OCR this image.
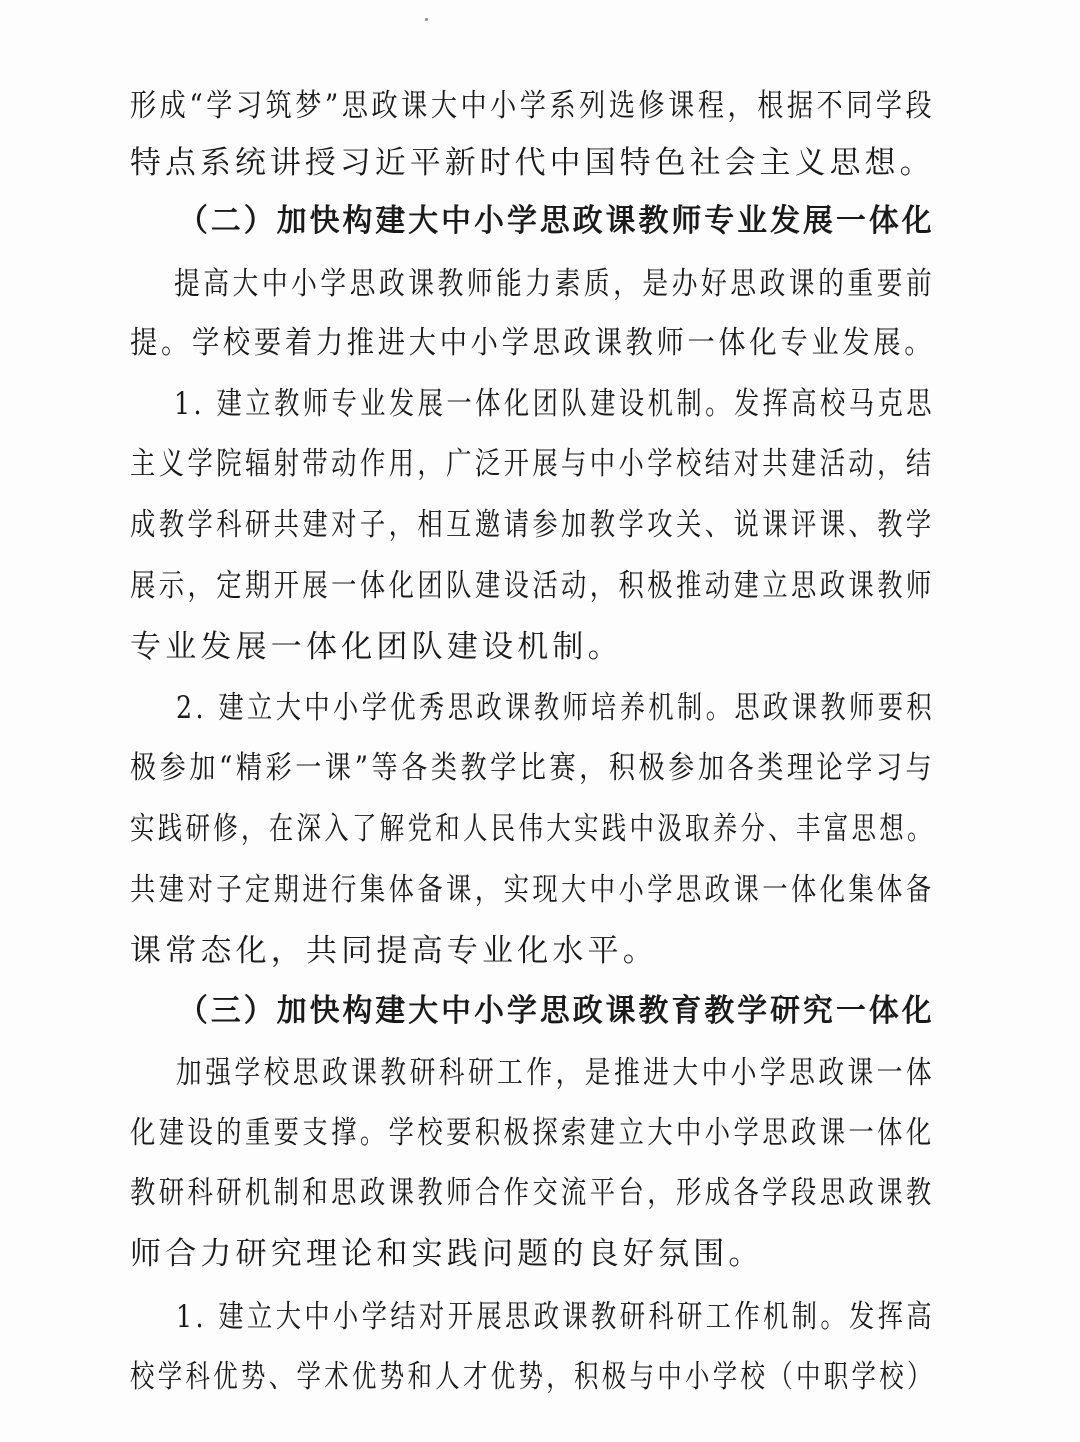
形成“学习筑梦”思政课大中小学系列选修课程，根据不同学段
特点系统讲授习近平新时代中国特色社会主义思想。
（二）加快构建大中小学思政课教师专业发展一体化
提高大中小学思政课教师能力素质，是办好思政课的重要前
提。学校要着力推进大中小学思政课教师一体化专业发展。
1. 建立教师专业发展一体化团队建设机制。发挥高校马克思
主义学院辐射带动作用，广泛开展与中小学校结对共建活动，结
成教学科研共建对子，相互邀请参加教学攻关、说课评课、教学
展示，定期开展一体化团队建设活动，积极推动建立思政课教师
专业发展一体化团队建设机制。
2. 建立大中小学优秀思政课教师培养机制。思政课教师要积
极参加“精彩一课”等各类教学比赛，积极参加各类理论学习与
实践研修，在深入了解党和人民伟大实践中汲取养分、丰富思想。
共建对子定期进行集体备课，实现大中小学思政课一体化集体备
课常态化，共同提高专业化水平。
（三）加快构建大中小学思政课教育教学研究一体化
加强学校思政课教研科研工作，是推进大中小学思政课一体
化建设的重要支撑。学校要积极探索建立大中小学思政课一体化
教研科研机制和思政课教师合作交流平台，形成各学段思政课教
师合力研究理论和实践问题的良好氛围。
1. 建立大中小学结对开展思政课教研科研工作机制。发挥高
校学科优势、学术优势和人才优势，积极与中小学校（中职学校）
